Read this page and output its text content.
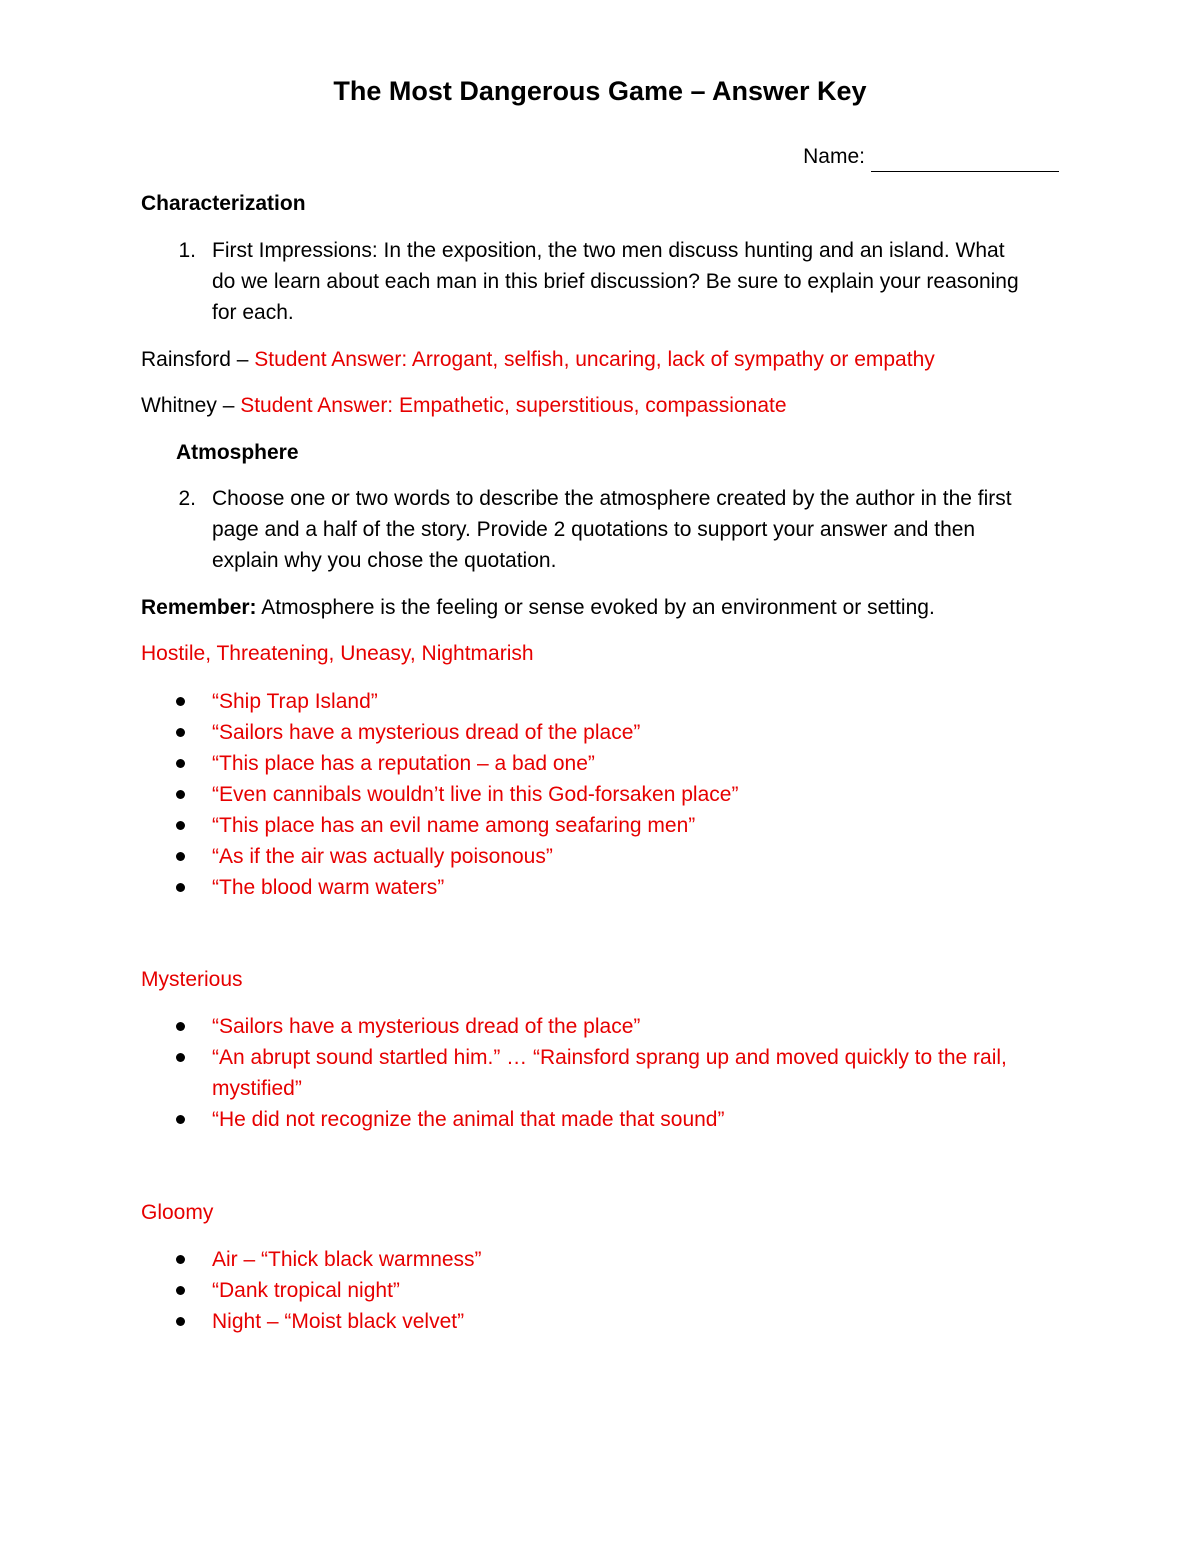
The Most Dangerous Game – Answer Key
Name:
Characterization
1. First Impressions: In the exposition, the two men discuss hunting and an island. What
do we learn about each man in this brief discussion? Be sure to explain your reasoning
for each.
Rainsford – Student Answer: Arrogant, selfish, uncaring, lack of sympathy or empathy
Whitney – Student Answer: Empathetic, superstitious, compassionate
Atmosphere
2. Choose one or two words to describe the atmosphere created by the author in the first
page and a half of the story. Provide 2 quotations to support your answer and then
explain why you chose the quotation.
Remember: Atmosphere is the feeling or sense evoked by an environment or setting.
Hostile, Threatening, Uneasy, Nightmarish
“Ship Trap Island”
“Sailors have a mysterious dread of the place”
“This place has a reputation – a bad one”
“Even cannibals wouldn’t live in this God-forsaken place”
“This place has an evil name among seafaring men”
“As if the air was actually poisonous”
“The blood warm waters”
Mysterious
“Sailors have a mysterious dread of the place”
“An abrupt sound startled him.” … “Rainsford sprang up and moved quickly to the rail,
mystified”
“He did not recognize the animal that made that sound”
Gloomy
Air – “Thick black warmness”
“Dank tropical night”
Night – “Moist black velvet”
